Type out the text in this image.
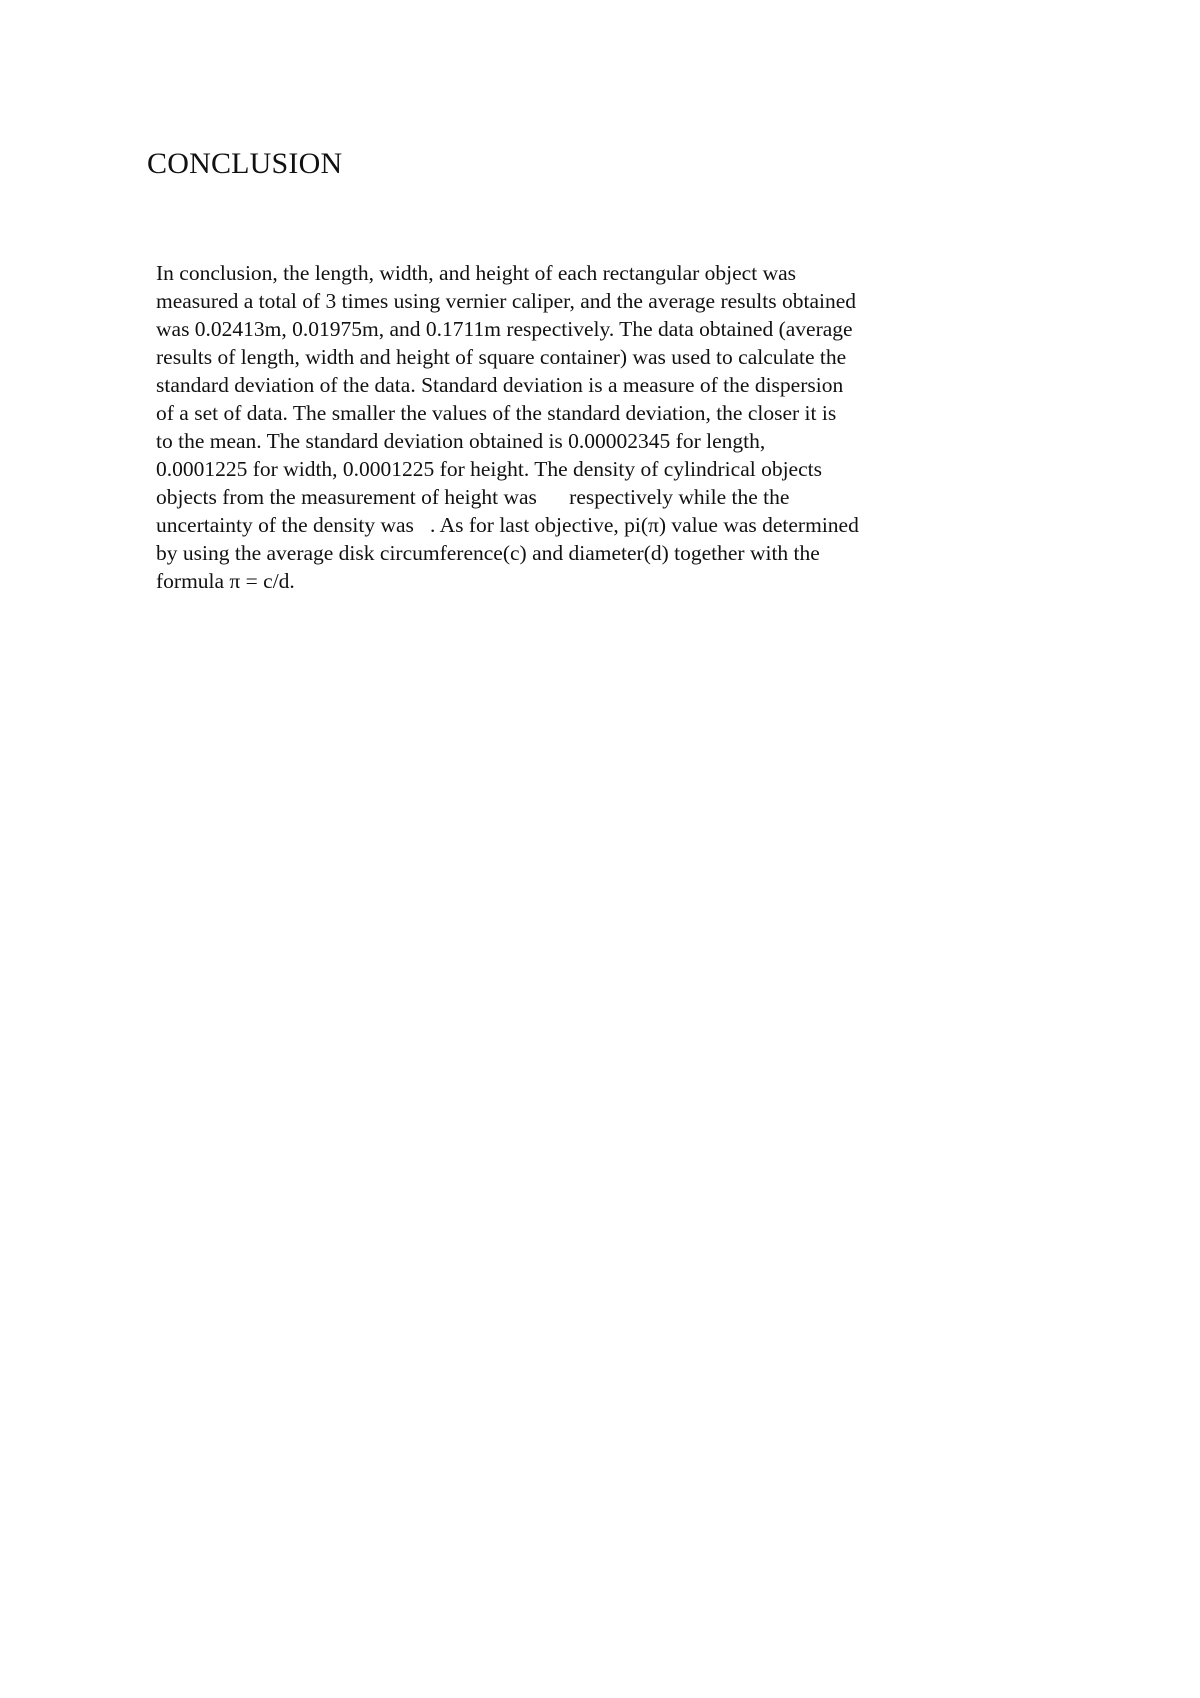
CONCLUSION
In conclusion, the length, width, and height of each rectangular object was
measured a total of 3 times using vernier caliper, and the average results obtained
was 0.02413m, 0.01975m, and 0.1711m respectively. The data obtained (average
results of length, width and height of square container) was used to calculate the
standard deviation of the data. Standard deviation is a measure of the dispersion
of a set of data. The smaller the values of the standard deviation, the closer it is
to the mean. The standard deviation obtained is 0.00002345 for length,
0.0001225 for width, 0.0001225 for height. The density of cylindrical objects
objects from the measurement of height was      respectively while the the
uncertainty of the density was   . As for last objective, pi(π) value was determined
by using the average disk circumference(c) and diameter(d) together with the
formula π = c/d.
